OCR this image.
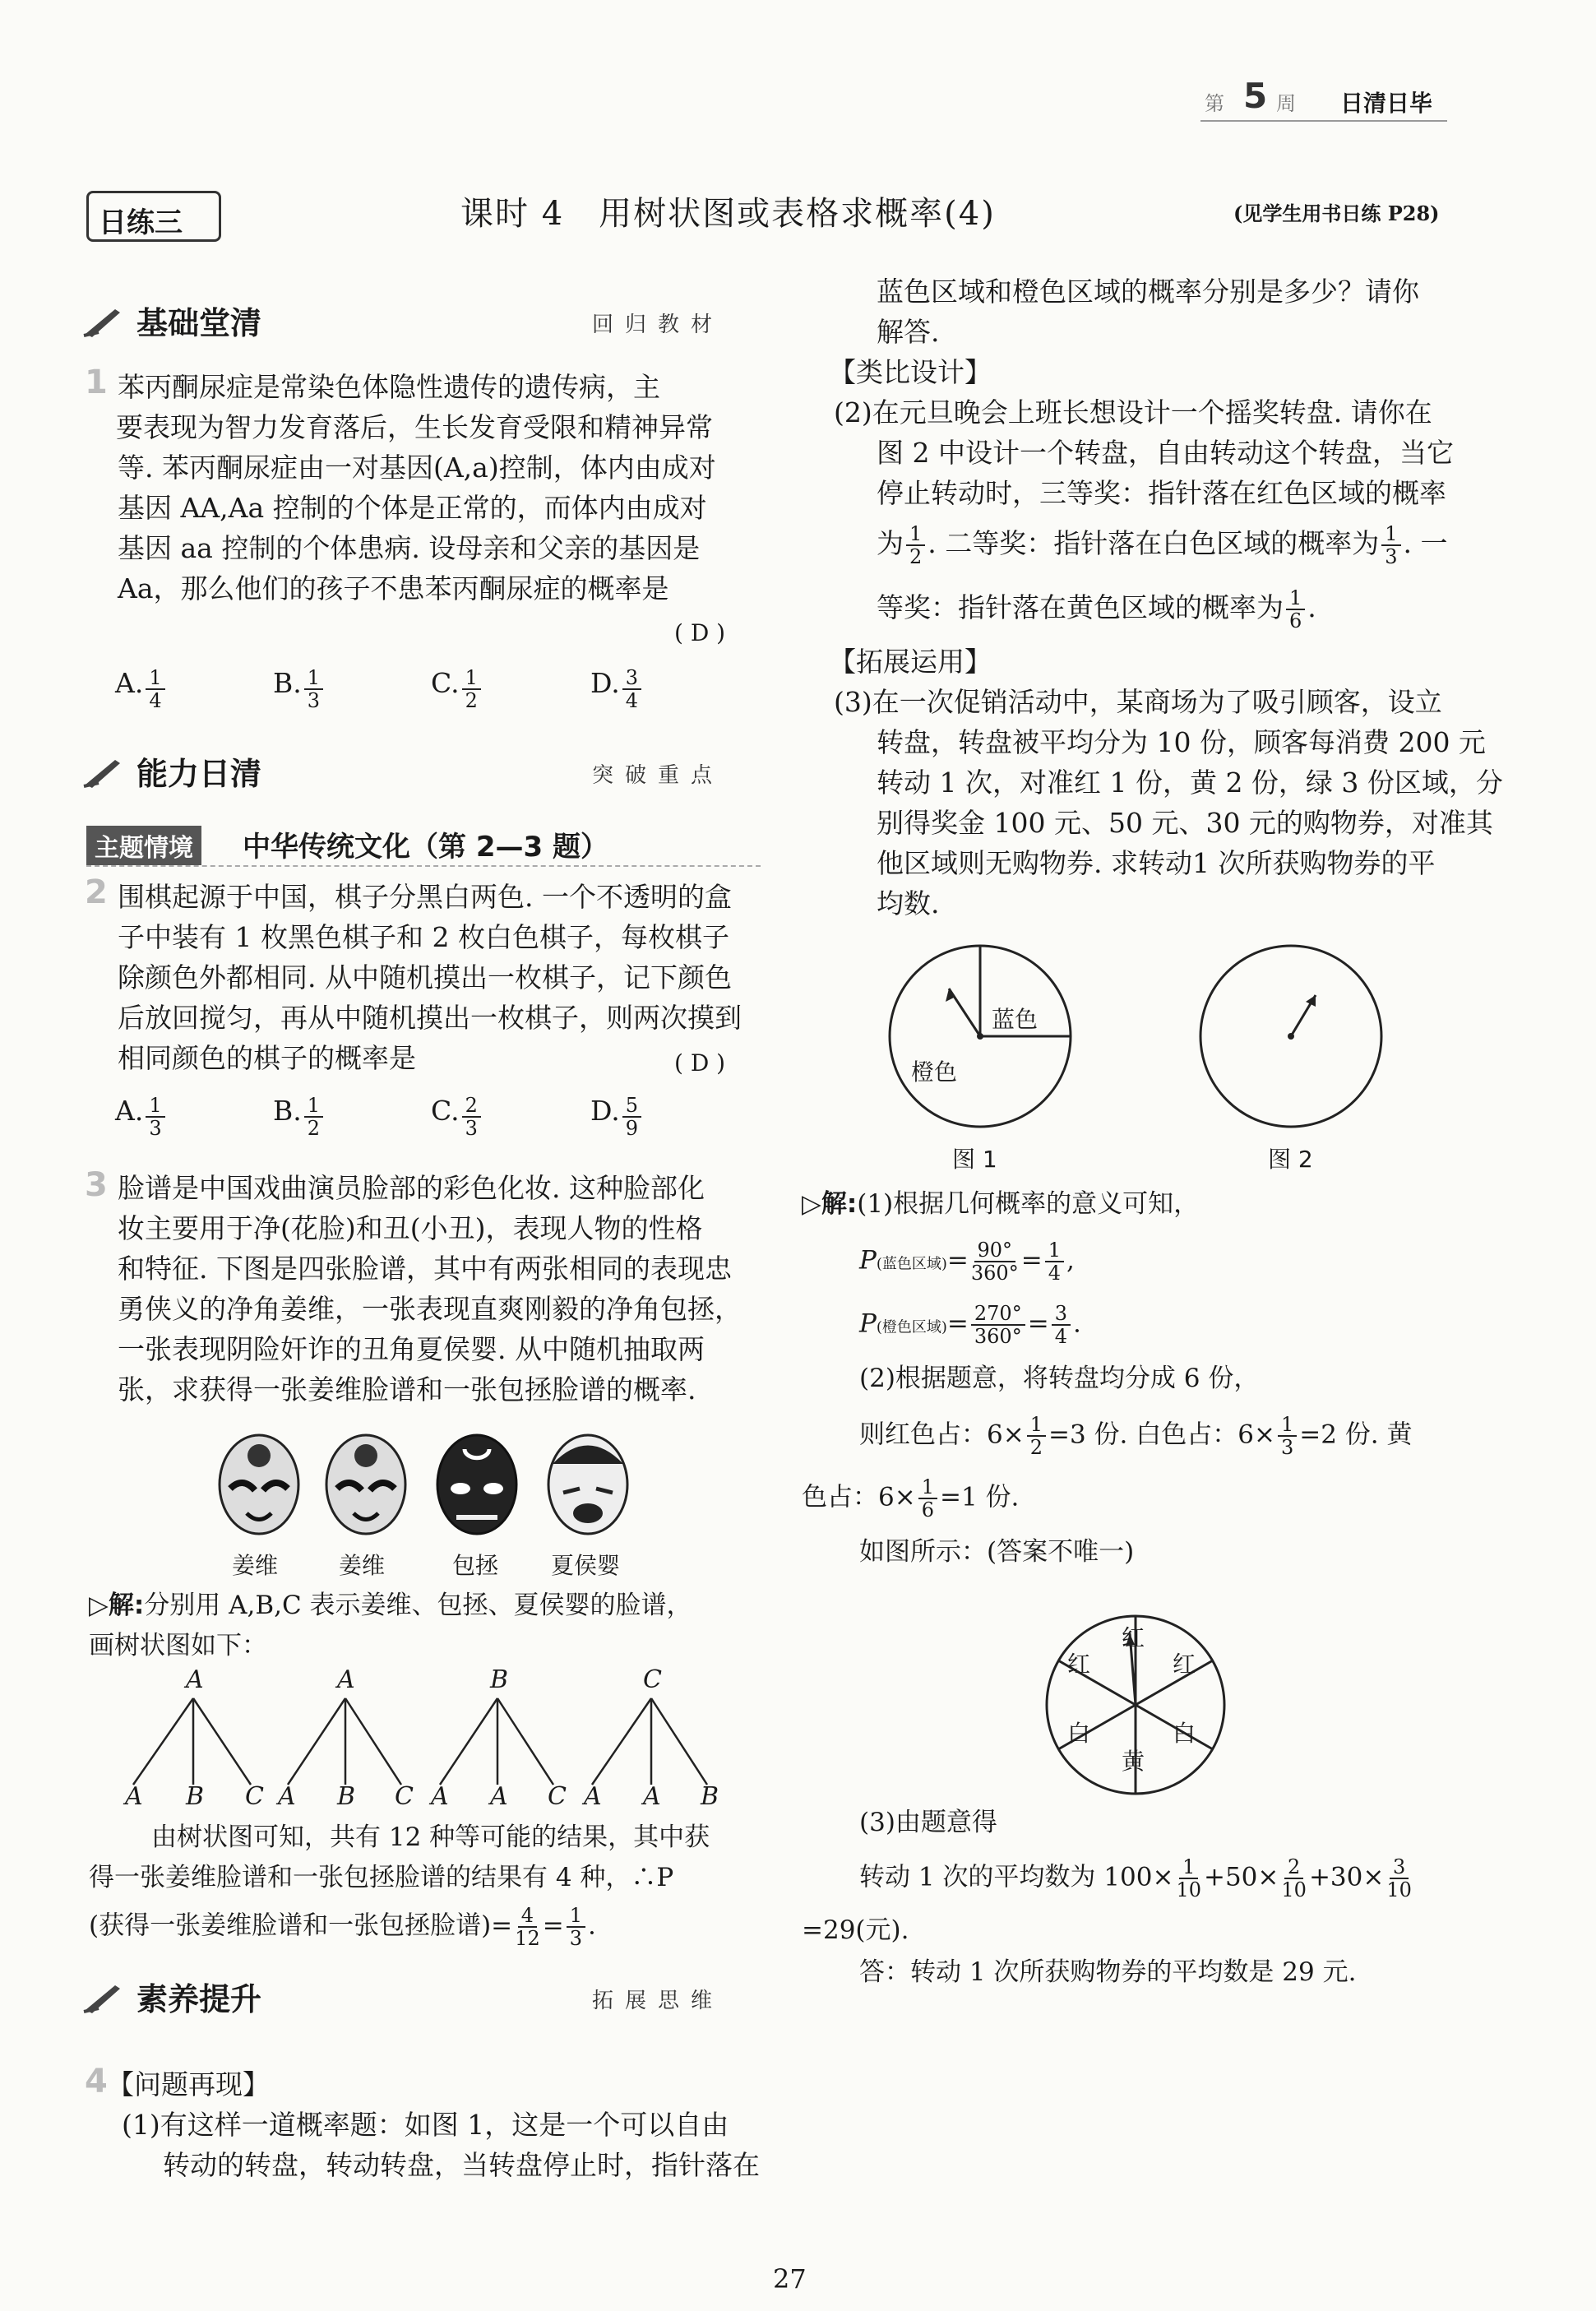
第 5 周 日清日毕
日练三	课时 4　用树状图或表格求概率(4)	(见学生用书日练 P28)
基础堂清	回归教材
1 苯丙酮尿症是常染色体隐性遗传的遗传病，主
要表现为智力发育落后，生长发育受限和精神异常
等. 苯丙酮尿症由一对基因(A,a)控制，体内由成对
基因 AA,Aa 控制的个体是正常的，而体内由成对
基因 aa 控制的个体患病. 设母亲和父亲的基因是
Aa，那么他们的孩子不患苯丙酮尿症的概率是
( D )
A. $\frac{1}{4}$	B. $\frac{1}{3}$	C. $\frac{1}{2}$	D. $\frac{3}{4}$
能力日清	突破重点
主题情境 中华传统文化（第 2—3 题）
2 围棋起源于中国，棋子分黑白两色. 一个不透明的盒
子中装有 1 枚黑色棋子和 2 枚白色棋子，每枚棋子
除颜色外都相同. 从中随机摸出一枚棋子，记下颜色
后放回搅匀，再从中随机摸出一枚棋子，则两次摸到
相同颜色的棋子的概率是	( D )
A. $\frac{1}{3}$	B. $\frac{1}{2}$	C. $\frac{2}{3}$	D. $\frac{5}{9}$
3 脸谱是中国戏曲演员脸部的彩色化妆. 这种脸部化
妆主要用于净(花脸)和丑(小丑)，表现人物的性格
和特征. 下图是四张脸谱，其中有两张相同的表现忠
勇侠义的净角姜维，一张表现直爽刚毅的净角包拯，
一张表现阴险奸诈的丑角夏侯婴. 从中随机抽取两
张，求获得一张姜维脸谱和一张包拯脸谱的概率.
姜维	姜维	包拯 夏侯婴
▷解:分别用 A,B,C 表示姜维、包拯、夏侯婴的脸谱，
画树状图如下：
A
A B C
A
A B C
B
A A C
C
A A B
由树状图可知，共有 12 种等可能的结果，其中获
得一张姜维脸谱和一张包拯脸谱的结果有 4 种，∴P
(获得一张姜维脸谱和一张包拯脸谱)= $\frac{4}{12} = \frac{1}{3}$ .
素养提升	拓展思维
4 【问题再现】
(1)有这样一道概率题：如图 1，这是一个可以自由
转动的转盘，转动转盘，当转盘停止时，指针落在
蓝色区域和橙色区域的概率分别是多少？请你
解答.
【类比设计】
(2)在元旦晚会上班长想设计一个摇奖转盘. 请你在
图 2 中设计一个转盘，自由转动这个转盘，当它
停止转动时，三等奖：指针落在红色区域的概率
为 $\frac{1}{2}$ . 二等奖：指针落在白色区域的概率为 $\frac{1}{3}$ . 一
等奖：指针落在黄色区域的概率为 $\frac{1}{6}$ .
【拓展运用】
(3)在一次促销活动中，某商场为了吸引顾客，设立
转盘，转盘被平均分为 10 份，顾客每消费 200 元
转动 1 次，对准红 1 份，黄 2 份，绿 3 份区域，分
别得奖金 100 元、50 元、30 元的购物券，对准其
他区域则无购物券. 求转动1 次所获购物券的平
均数.
蓝色
橙色
图 1	图 2
▷解:(1)根据几何概率的意义可知，
P(蓝色区域)= $\frac{90^\circ}{360^\circ} = \frac{1}{4}$ ,
P(橙色区域)= $\frac{270^\circ}{360^\circ} = \frac{3}{4}$ .
(2)根据题意，将转盘均分成 6 份，
则红色占：$6\times \frac{1}{2} =3$ 份. 白色占：$6\times \frac{1}{3} =2$ 份. 黄
色占：$6\times \frac{1}{6} =1$ 份.
如图所示：(答案不唯一)
红
红
红
白
黄
白
(3)由题意得
转动 1 次的平均数为 $100\times \frac{1}{10} +50\times \frac{2}{10} +30\times \frac{3}{10}$
=29(元).
答：转动 1 次所获购物券的平均数是 29 元.
27
